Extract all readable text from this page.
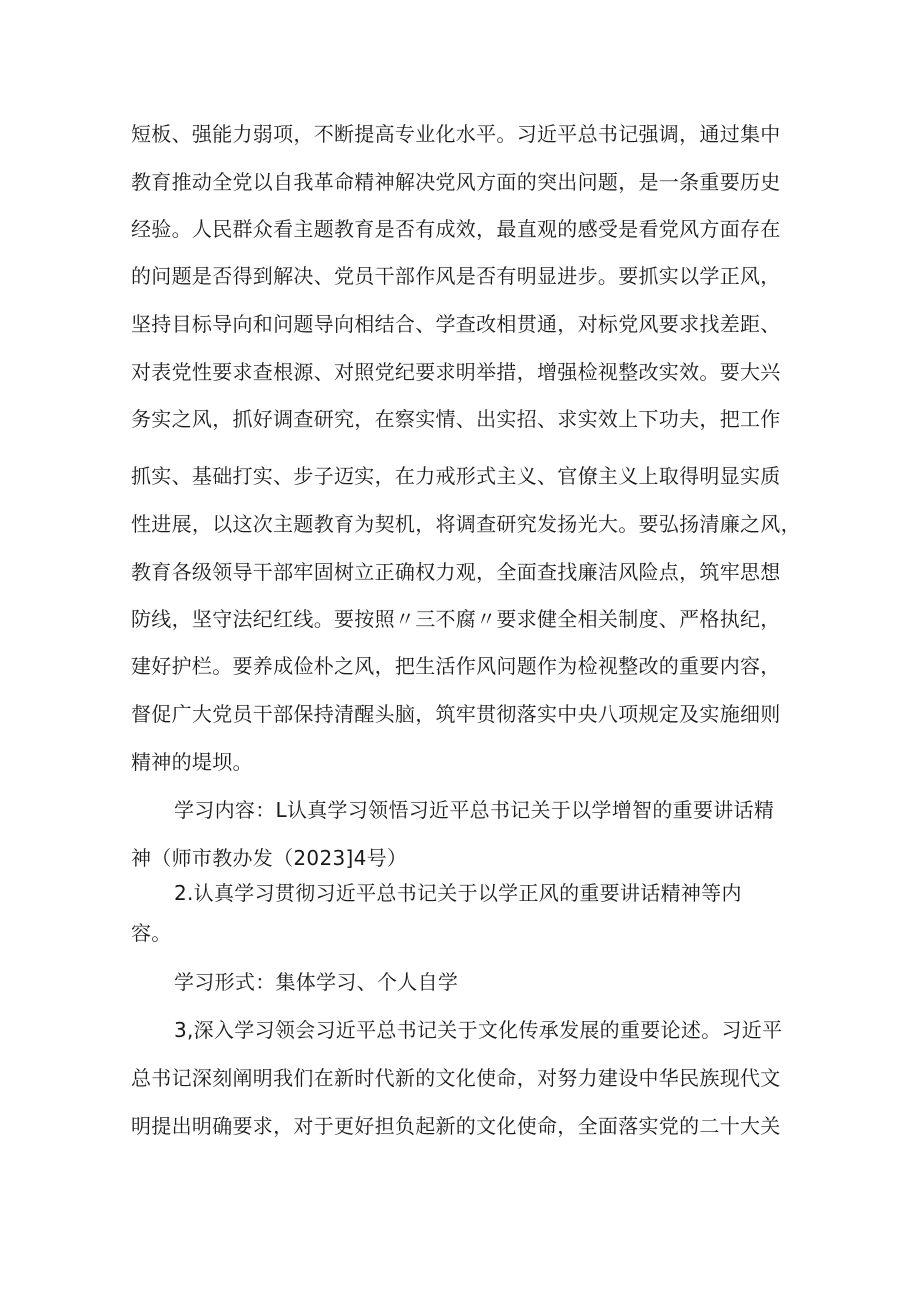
短板、强能力弱项，不断提高专业化水平。习近平总书记强调，通过集中
教育推动全党以自我革命精神解决党风方面的突出问题，是一条重要历史
经验。人民群众看主题教育是否有成效，最直观的感受是看党风方面存在
的问题是否得到解决、党员干部作风是否有明显进步。要抓实以学正风，
坚持目标导向和问题导向相结合、学查改相贯通，对标党风要求找差距、
对表党性要求查根源、对照党纪要求明举措，增强检视整改实效。要大兴
务实之风，抓好调查研究，在察实情、出实招、求实效上下功夫，把工作
抓实、基础打实、步子迈实，在力戒形式主义、官僚主义上取得明显实质
性进展，以这次主题教育为契机，将调查研究发扬光大。要弘扬清廉之风，
教育各级领导干部牢固树立正确权力观，全面查找廉洁风险点，筑牢思想
防线，坚守法纪红线。要按照〃三不腐〃要求健全相关制度、严格执纪，
建好护栏。要养成俭朴之风，把生活作风问题作为检视整改的重要内容，
督促广大党员干部保持清醒头脑，筑牢贯彻落实中央八项规定及实施细则
精神的堤坝。
学习内容：L认真学习领悟习近平总书记关于以学增智的重要讲话精
神（师市教办发（2023]4号）
2.认真学习贯彻习近平总书记关于以学正风的重要讲话精神等内
容。
学习形式：集体学习、个人自学
3,深入学习领会习近平总书记关于文化传承发展的重要论述。习近平
总书记深刻阐明我们在新时代新的文化使命，对努力建设中华民族现代文
明提出明确要求，对于更好担负起新的文化使命，全面落实党的二十大关
